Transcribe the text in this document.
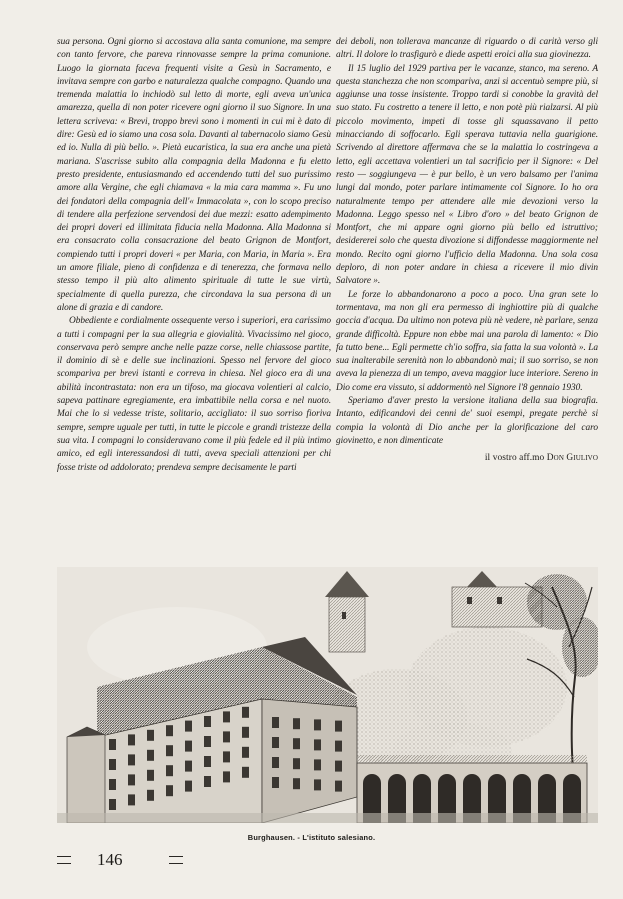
sua persona. Ogni giorno si accostava alla santa comunione, ma sempre con tanto fervore, che pareva rinnovasse sempre la prima comunione. Luogo la giornata faceva frequenti visite a Gesù in Sacramento, e invitava sempre con garbo e naturalezza qualche compagno. Quando una tremenda malattia lo inchiodò sul letto di morte, egli aveva un'unica amarezza, quella di non poter ricevere ogni giorno il suo Signore. In una lettera scriveva: « Brevi, troppo brevi sono i momenti in cui mi è dato di dire: Gesù ed io siamo una cosa sola. Davanti al tabernacolo siamo Gesù ed io. Nulla di più bello. ». Pietà eucaristica, la sua era anche una pietà mariana. S'ascrisse subito alla compagnia della Madonna e fu eletto presto presidente, entusiasmando ed accendendo tutti del suo purissimo amore alla Vergine, che egli chiamava « la mia cara mamma ». Fu uno dei fondatori della compagnia dell'« Immacolata », con lo scopo preciso di tendere alla perfezione servendosi dei due mezzi: esatto adempimento dei propri doveri ed illimitata fiducia nella Madonna. Alla Madonna si era consacrato colla consacrazione del beato Grignon de Montfort, compiendo tutti i propri doveri « per Maria, con Maria, in Maria ». Era un amore filiale, pieno di confidenza e di tenerezza, che formava nello stesso tempo il più alto alimento spirituale di tutte le sue virtù, specialmente di quella purezza, che circondava la sua persona di un alone di grazia e di candore.

Obbediente e cordialmente ossequente verso i superiori, era carissimo a tutti i compagni per la sua allegria e giovialità. Vivacissimo nel gioco, conservava però sempre anche nelle pazze corse, nelle chiassose partite, il dominio di sè e delle sue inclinazioni. Spesso nel fervore del gioco scompariva per brevi istanti e correva in chiesa. Nel gioco era di una abilità incontrastata: non era un tifoso, ma giocava volentieri al calcio, sapeva pattinare egregiamente, era imbattibile nella corsa e nel nuoto. Mai che lo si vedesse triste, solitario, accigliato: il suo sorriso fioriva sempre, sempre uguale per tutti, in tutte le piccole e grandi tristezze della sua vita. I compagni lo consideravano come il più fedele ed il più intimo amico, ed egli interessandosi di tutti, aveva speciali attenzioni per chi fosse triste od addolorato; prendeva sempre decisamente le parti

dei deboli, non tollerava mancanze di riguardo o di carità verso gli altri. Il dolore lo trasfigurò e diede aspetti eroici alla sua giovinezza.

Il 15 luglio del 1929 partiva per le vacanze, stanco, ma sereno. A questa stanchezza che non scompariva, anzi si accentuò sempre più, si aggiunse una tosse insistente. Troppo tardi si conobbe la gravità del suo stato. Fu costretto a tenere il letto, e non potè più rialzarsi. Al più piccolo movimento, impeti di tosse gli squassavano il petto minacciando di soffocarlo. Egli sperava tuttavia nella guarigione. Scrivendo al direttore affermava che se la malattia lo costringeva a letto, egli accettava volentieri un tal sacrificio per il Signore: « Del resto — soggiungeva — è pur bello, è un vero balsamo per l'anima lungi dal mondo, poter parlare intimamente col Signore. Io ho ora naturalmente tempo per attendere alle mie devozioni verso la Madonna. Leggo spesso nel « Libro d'oro » del beato Grignon de Montfort, che mi appare ogni giorno più bello ed istruttivo; desidererei solo che questa divozione si diffondesse maggiormente nel mondo. Recito ogni giorno l'ufficio della Madonna. Una sola cosa deploro, di non poter andare in chiesa a ricevere il mio divin Salvatore ».

Le forze lo abbandonarono a poco a poco. Una gran sete lo tormentava, ma non gli era permesso di inghiottire più di qualche goccia d'acqua. Da ultimo non poteva più nè vedere, nè parlare, senza grande difficoltà. Eppure non ebbe mai una parola di lamento: « Dio fa tutto bene... Egli permette ch'io soffra, sia fatta la sua volontà ». La sua inalterabile serenità non lo abbandonò mai; il suo sorriso, se non aveva la pienezza di un tempo, aveva maggior luce interiore. Sereno in Dio come era vissuto, si addormentò nel Signore l'8 gennaio 1930.

Speriamo d'aver presto la versione italiana della sua biografia. Intanto, edificandovi dei cenni de' suoi esempi, pregate perchè si compia la volontà di Dio anche per la glorificazione del caro giovinetto, e non dimenticate

il vostro aff.mo Don Giulivo
Burghausen. - L'istituto salesiano.
146
